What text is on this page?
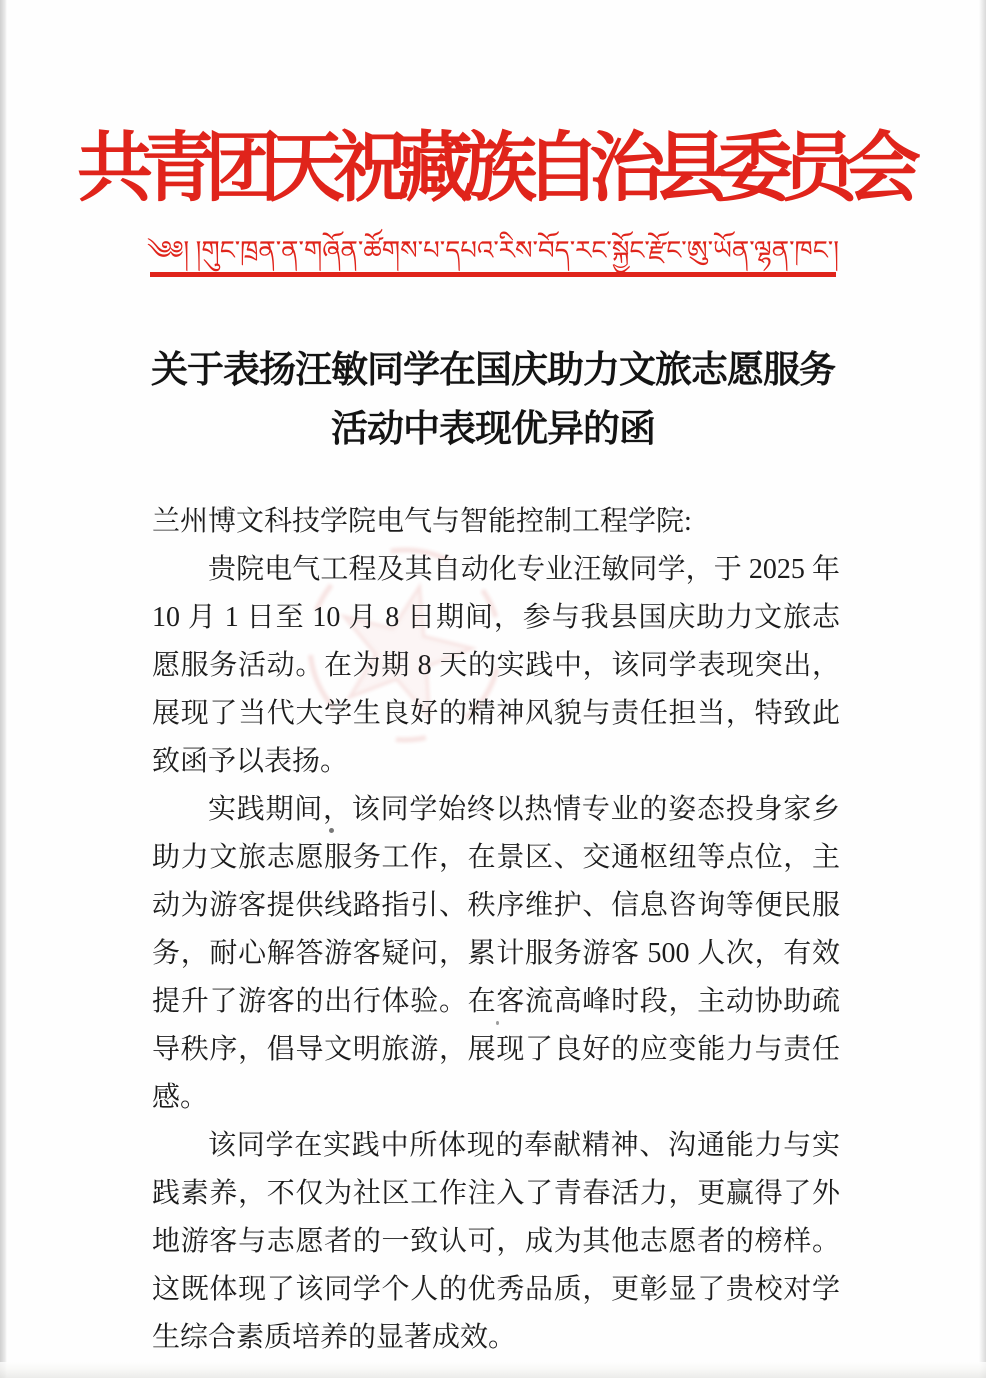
共青团天祝藏族自治县委员会
༄༅། །གུང་ཁྲན་ན་གཞོན་ཚོགས་པ་དཔའ་རིས་བོད་རང་སྐྱོང་རྫོང་ཨུ་ཡོན་ལྷན་ཁང་།
关于表扬汪敏同学在国庆助力文旅志愿服务
活动中表现优异的函

兰州博文科技学院电气与智能控制工程学院:

贵院电气工程及其自动化专业汪敏同学，于 2025 年 10 月 1 日至 10 月 8 日期间，参与我县国庆助力文旅志愿服务活动。在为期 8 天的实践中，该同学表现突出，展现了当代大学生良好的精神风貌与责任担当，特致此致函予以表扬。

实践期间，该同学始终以热情专业的姿态投身家乡助力文旅志愿服务工作，在景区、交通枢纽等点位，主动为游客提供线路指引、秩序维护、信息咨询等便民服务，耐心解答游客疑问，累计服务游客 500 人次，有效提升了游客的出行体验。在客流高峰时段，主动协助疏导秩序，倡导文明旅游，展现了良好的应变能力与责任感。

该同学在实践中所体现的奉献精神、沟通能力与实践素养，不仅为社区工作注入了青春活力，更赢得了外地游客与志愿者的一致认可，成为其他志愿者的榜样。这既体现了该同学个人的优秀品质，更彰显了贵校对学生综合素质培养的显著成效。
